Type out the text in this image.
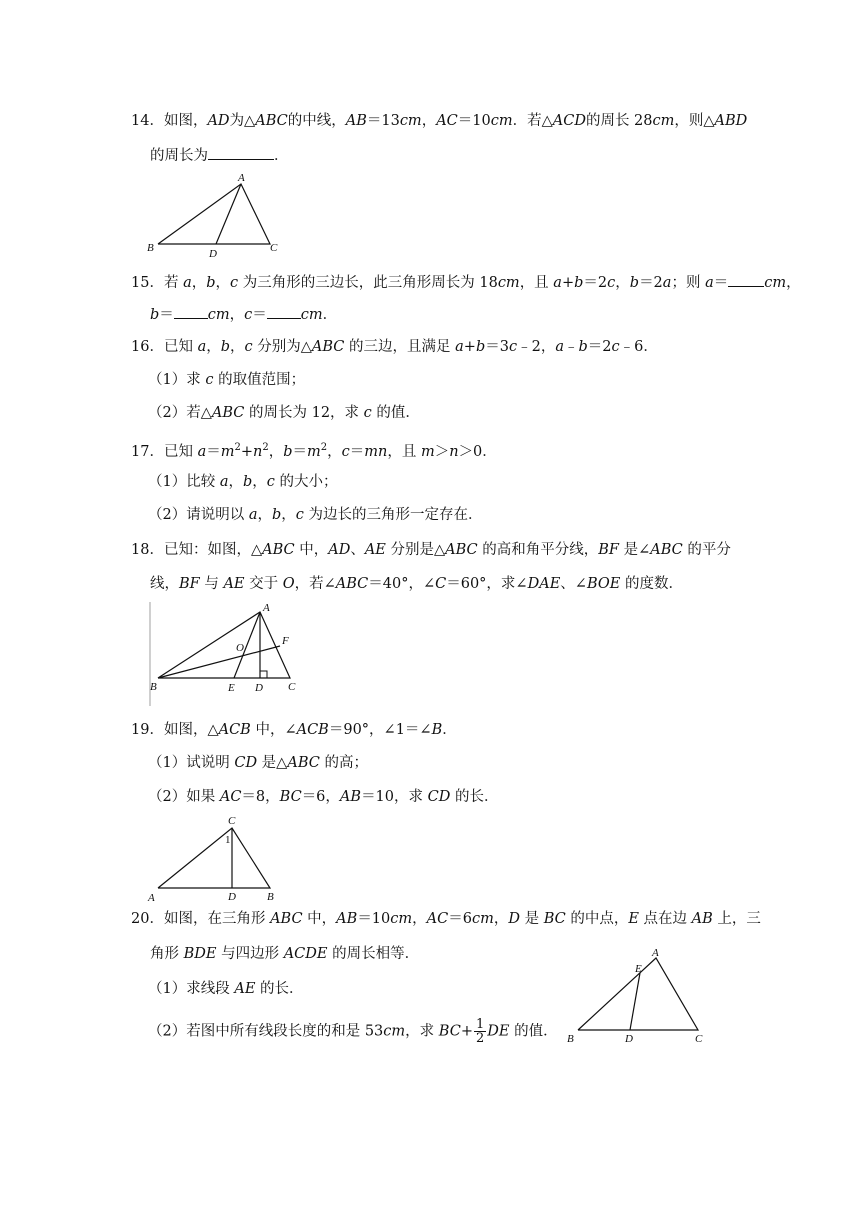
14．如图，AD为△ABC的中线，AB＝13cm，AC＝10cm．若△ACD的周长 28cm，则△ABD
的周长为	．
A
B	C
D
15．若 a，b，c 为三角形的三边长，此三角形周长为 18cm，且 a+b＝2c，b＝2a；则 a＝ cm，
b＝ cm，c＝ cm．
16．已知 a，b，c 分别为△ABC 的三边，且满足 a+b＝3c﹣2，a﹣b＝2c﹣6．
（1）求 c 的取值范围；
（2）若△ABC 的周长为 12，求 c 的值．
17．已知 $a=m^2+n^2$，$b=m^2$，c＝mn，且 m＞n＞0．
（1）比较 a，b，c 的大小；
（2）请说明以 a，b，c 为边长的三角形一定存在．
18．已知：如图，△ABC 中，AD、AE 分别是△ABC 的高和角平分线，BF 是∠ABC 的平分
线，BF 与 AE 交于 O，若∠ABC＝40°，∠C＝60°，求∠DAE、∠BOE 的度数．
A
B	C
D
E
F
O
19．如图，△ACB 中，∠ACB＝90°，∠1＝∠B．
（1）试说明 CD 是△ABC 的高；
（2）如果 AC＝8，BC＝6，AB＝10，求 CD 的长．
C
1
A	B
D
20．如图，在三角形 ABC 中，AB＝10cm，AC＝6cm，D 是 BC 的中点，E 点在边 AB 上，三
角形 BDE 与四边形 ACDE 的周长相等．
（1）求线段 AE 的长．
（2）若图中所有线段长度的和是 53cm，求 $BC+ \frac{1}{2}$ DE 的值．
A
E
B	D	C
